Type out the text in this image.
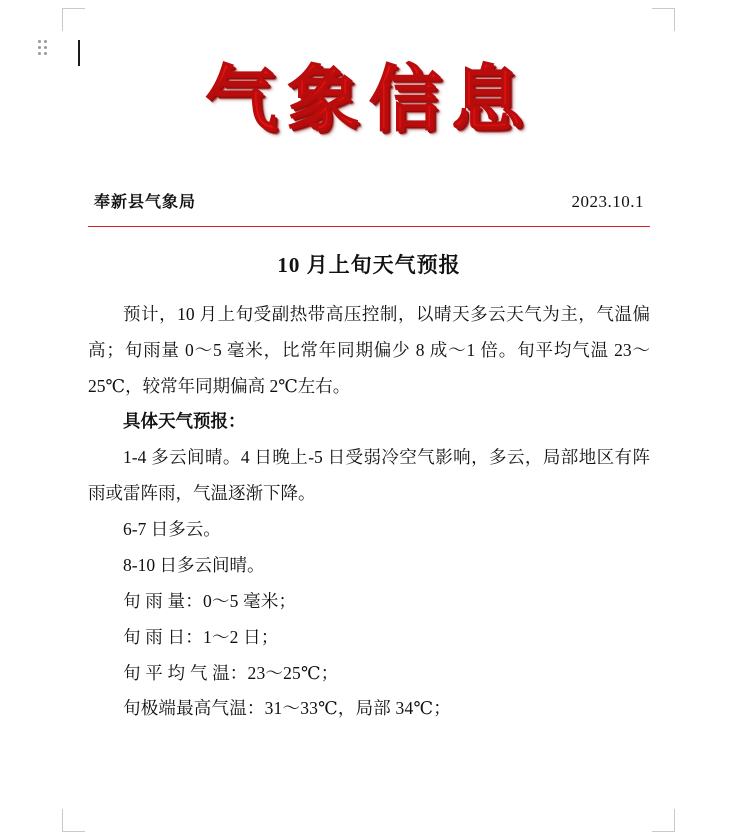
气象信息
奉新县气象局	2023.10.1
10 月上旬天气预报

预计，10 月上旬受副热带高压控制，以晴天多云天气为主，气温偏高；旬雨量 0～5 毫米，比常年同期偏少 8 成～1 倍。旬平均气温 23～25℃，较常年同期偏高 2℃左右。

具体天气预报：

1-4 多云间晴。4 日晚上-5 日受弱冷空气影响，多云，局部地区有阵雨或雷阵雨，气温逐渐下降。

6-7 日多云。

8-10 日多云间晴。

旬 雨 量：0～5 毫米；

旬 雨 日：1～2 日；

旬 平 均 气 温：23～25℃；

旬极端最高气温：31～33℃，局部 34℃；
